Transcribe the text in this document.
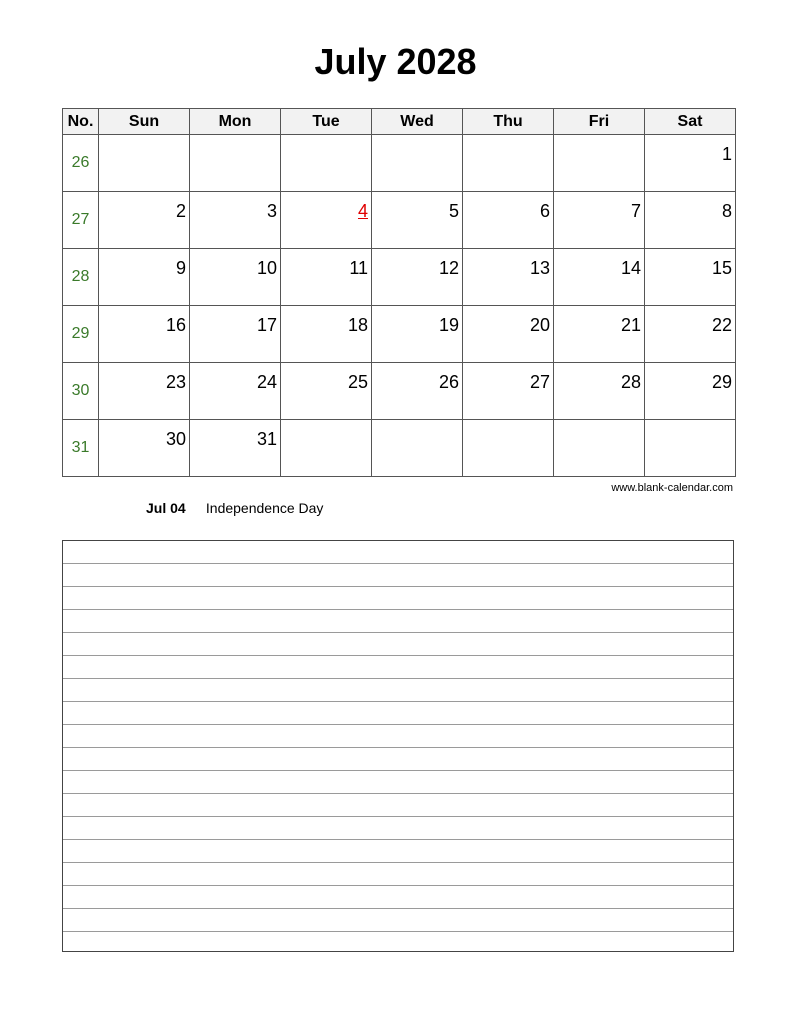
July 2028
No.	Sun	Mon	Tue	Wed	Thu	Fri	Sat
26							1

27	2	3	4	5	6	7	8

28	9	10	11	12	13	14	15

29	16	17	18	19	20	21	22

30	23	24	25	26	27	28	29

31	30	31					

www.blank-calendar.com
Jul 04 Independence Day
